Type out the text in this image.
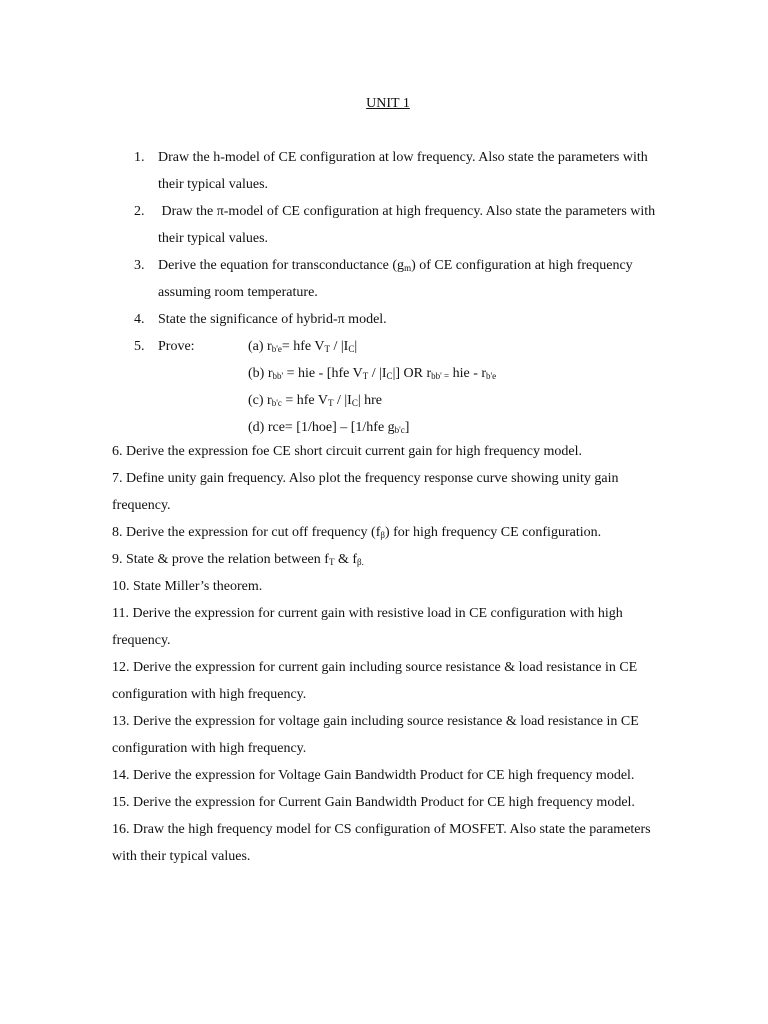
UNIT 1
1. Draw the h-model of CE configuration at low frequency. Also state the parameters with their typical values.
2. Draw the π-model of CE configuration at high frequency. Also state the parameters with their typical values.
3. Derive the equation for transconductance $(g_m)$ of CE configuration at high frequency assuming room temperature.
4. State the significance of hybrid-π model.
5. Prove:	(a) $r_{b'e}=$ hfe $V_T / |I_C|$
(b) $r_{bb'}$ = hie - [hfe $V_T / |I_C|$] OR $r_{bb' =}$ hie - $r_{b'e}$
(c) $r_{b'c}$ = hfe $V_T / |I_C|$ hre
(d) rce= [1/hoe] – [1/hfe $g_{b'c}$]

6. Derive the expression foe CE short circuit current gain for high frequency model.

7. Define unity gain frequency. Also plot the frequency response curve showing unity gain frequency.

8. Derive the expression for cut off frequency $(f_\beta)$ for high frequency CE configuration.

9. State & prove the relation between $f_T$ & $f_{\beta.}$

10. State Miller’s theorem.

11. Derive the expression for current gain with resistive load in CE configuration with high frequency.

12. Derive the expression for current gain including source resistance & load resistance in CE configuration with high frequency.

13. Derive the expression for voltage gain including source resistance & load resistance in CE configuration with high frequency.

14. Derive the expression for Voltage Gain Bandwidth Product for CE high frequency model.

15. Derive the expression for Current Gain Bandwidth Product for CE high frequency model.

16. Draw the high frequency model for CS configuration of MOSFET. Also state the parameters with their typical values.
